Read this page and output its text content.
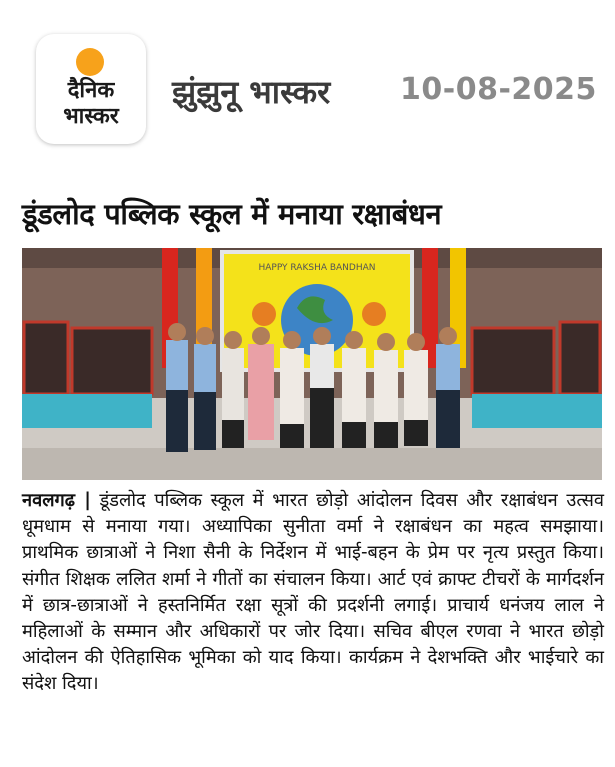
दैनिक
भास्कर
झुंझुनू भास्कर 10-08-2025
डूंडलोद पब्लिक स्कूल में मनाया रक्षाबंधन
HAPPY RAKSHA BANDHAN
नवलगढ़ | डूंडलोद पब्लिक स्कूल में भारत छोड़ो आंदोलन दिवस और रक्षाबंधन उत्सव धूमधाम से मनाया गया। अध्यापिका सुनीता वर्मा ने रक्षाबंधन का महत्व समझाया। प्राथमिक छात्राओं ने निशा सैनी के निर्देशन में भाई-बहन के प्रेम पर नृत्य प्रस्तुत किया। संगीत शिक्षक ललित शर्मा ने गीतों का संचालन किया। आर्ट एवं क्राफ्ट टीचरों के मार्गदर्शन में छात्र-छात्राओं ने हस्तनिर्मित रक्षा सूत्रों की प्रदर्शनी लगाई। प्राचार्य धनंजय लाल ने महिलाओं के सम्मान और अधिकारों पर जोर दिया। सचिव बीएल रणवा ने भारत छोड़ो आंदोलन की ऐतिहासिक भूमिका को याद किया। कार्यक्रम ने देशभक्ति और भाईचारे का संदेश दिया।
